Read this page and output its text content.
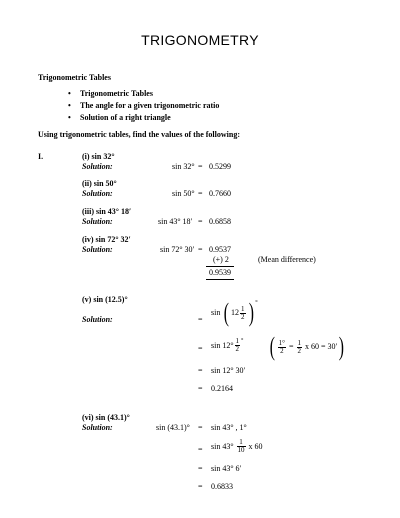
TRIGONOMETRY
Trigonometric Tables
• Trigonometric Tables
• The angle for a given trigonometric ratio
• Solution of a right triangle
Using trigonometric tables, find the values of the following:
I.	(i) sin 32°
Solution:	sin 32° = 0.5299
(ii) sin 50°
Solution:	sin 50° = 0.7660
(iii) sin 43° 18′
Solution:	sin 43° 18′ = 0.6858
(iv) sin 72° 32′
Solution:	sin 72° 30′ = 0.9537
(+) 2	(Mean difference)
0.9539
(v) sin (12.5)°
Solution:	=
sin ( $12 \frac{1}{2}$ ) °
= $\sin 12^\circ \frac{1}{2} ^\circ$ ( $\frac{1^\circ}{2} = \frac{1}{2}$ x 60 = 30′)
= sin 12° 30′
= 0.2164
(vi) sin (43.1)°
Solution:	sin (43.1)° = sin 43° , 1°
= $\sin 43^\circ \frac{1}{10}$ x 60
= sin 43° 6′
= 0.6833
